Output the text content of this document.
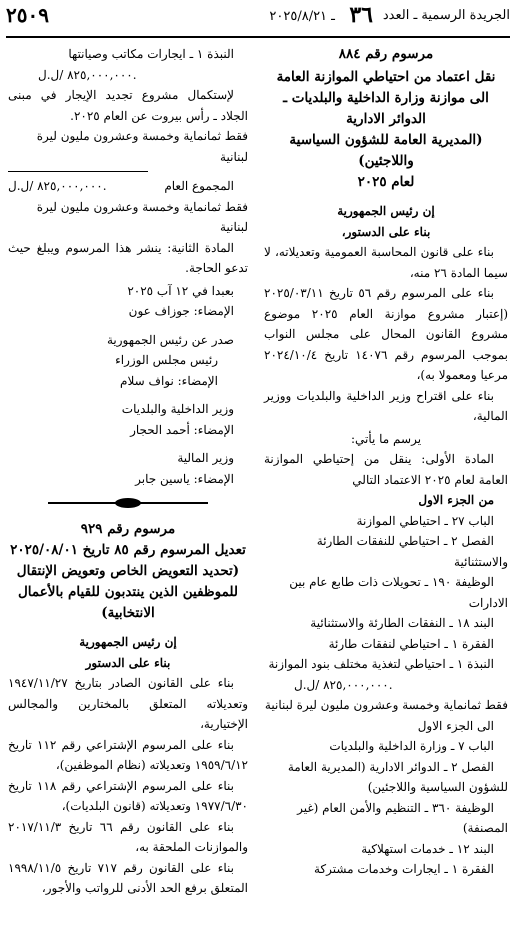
الجريدة الرسمية ـ العدد
٣٦
ـ ٢٠٢٥/٨/٢١
٢٥٠٩

مرسوم رقم ٨٨٤

نقل اعتماد من احتياطي الموازنة العامة

الى موازنة وزارة الداخلية والبلديات ـ

الدوائر الادارية

(المديرية العامة للشؤون السياسية واللاجئين)

لعام ٢٠٢٥

إن رئيس الجمهورية

بناء على الدستور،

بناء على قانون المحاسبة العمومية وتعديلاته، لا سيما المادة ٢٦ منه،

بناء على المرسوم رقم ٥٦ تاريخ ٢٠٢٥/٠٣/١١ (إعتبار مشروع موازنة العام ٢٠٢٥ موضوع مشروع القانون المحال على مجلس النواب بموجب المرسوم رقم ١٤٠٧٦ تاريخ ٢٠٢٤/١٠/٤ مرعيا ومعمولا به)،

بناء على اقتراح وزير الداخلية والبلديات ووزير المالية،

يرسم ما يأتي:

المادة الأولى: ينقل من إحتياطي الموازنة العامة لعام ٢٠٢٥ الاعتماد التالي

من الجزء الاول

الباب ٢٧ ـ احتياطي الموازنة

الفصل ٢ ـ احتياطي للنفقات الطارئة والاستثنائية

الوظيفة ١٩٠ ـ تحويلات ذات طابع عام بين الادارات

البند ١٨ ـ النفقات الطارئة والاستثنائية

الفقرة ١ ـ احتياطي لنفقات طارئة

النبذة ١ ـ احتياطي لتغذية مختلف بنود الموازنة

٨٢٥,٠٠٠,٠٠٠ /ل.ل.

فقط ثمانماية وخمسة وعشرون مليون ليرة لبنانية

الى الجزء الاول

الباب ٧ ـ وزارة الداخلية والبلديات

الفصل ٢ ـ الدوائر الادارية (المديرية العامة للشؤون السياسية واللاجئين)

الوظيفة ٣٦٠ ـ التنظيم والأمن العام (غير المصنفة)

البند ١٢ ـ خدمات استهلاكية

الفقرة ١ ـ ايجارات وخدمات مشتركة

النبذة ١ ـ ايجارات مكاتب وصيانتها

٨٢٥,٠٠٠,٠٠٠ /ل.ل.

لإستكمال مشروع تجديد الإيجار في مبنى الجلاد ـ رأس بيروت عن العام ٢٠٢٥.

فقط ثمانماية وخمسة وعشرون مليون ليرة لبنانية

المجموع العام
٨٢٥,٠٠٠,٠٠٠ /ل.ل.

فقط ثمانماية وخمسة وعشرون مليون ليرة لبنانية

المادة الثانية: ينشر هذا المرسوم ويبلغ حيث تدعو الحاجة.

بعبدا في ١٢ آب ٢٠٢٥

الإمضاء: جوزاف عون

صدر عن رئيس الجمهورية

رئيس مجلس الوزراء

الإمضاء: نواف سلام

وزير الداخلية والبلديات

الإمضاء: أحمد الحجار

وزير المالية

الإمضاء: ياسين جابر

مرسوم رقم ٩٢٩

تعديل المرسوم رقم ٨٥ تاريخ ٢٠٢٥/٠٨/٠١

(تحديد التعويض الخاص وتعويض الإنتقال

للموظفين الذين ينتدبون للقيام بالأعمال

الانتخابية)

إن رئيس الجمهورية

بناء على الدستور

بناء على القانون الصادر بتاريخ ١٩٤٧/١١/٢٧ وتعديلاته المتعلق بالمختارين والمجالس الإختيارية،

بناء على المرسوم الإشتراعي رقم ١١٢ تاريخ ١٩٥٩/٦/١٢ وتعديلاته (نظام الموظفين)،

بناء على المرسوم الإشتراعي رقم ١١٨ تاريخ ١٩٧٧/٦/٣٠ وتعديلاته (قانون البلديات)،

بناء على القانون رقم ٦٦ تاريخ ٢٠١٧/١١/٣ والموازنات الملحقة به،

بناء على القانون رقم ٧١٧ تاريخ ١٩٩٨/١١/٥ المتعلق برفع الحد الأدنى للرواتب والأجور،
